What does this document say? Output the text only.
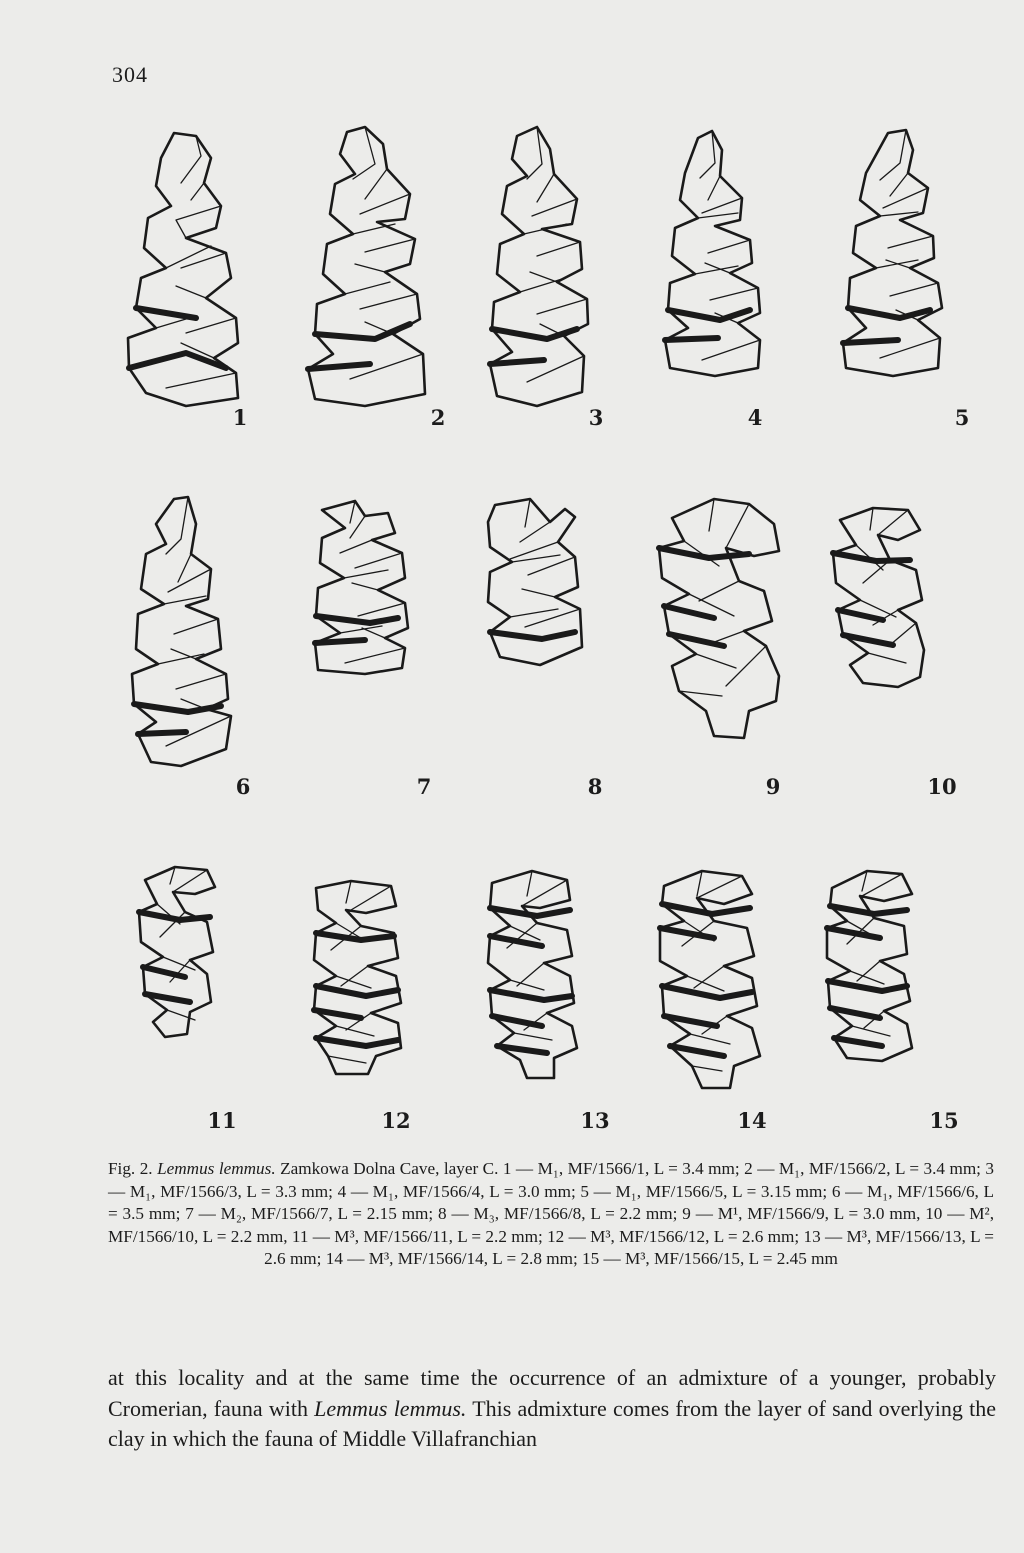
304
1	2	3	4	5
6	7	8	9	10
11	12	13	14	15
Fig. 2. Lemmus lemmus. Zamkowa Dolna Cave, layer C. 1 — M₁, MF/1566/1, L = 3.4 mm; 2 — M₁, MF/1566/2, L = 3.4 mm; 3 — M₁, MF/1566/3, L = 3.3 mm; 4 — M₁, MF/1566/4, L = 3.0 mm; 5 — M₁, MF/1566/5, L = 3.15 mm; 6 — M₁, MF/1566/6, L = 3.5 mm; 7 — M₂, MF/1566/7, L = 2.15 mm; 8 — M₃, MF/1566/8, L = 2.2 mm; 9 — M¹, MF/1566/9, L = 3.0 mm, 10 — M², MF/1566/10, L = 2.2 mm, 11 — M³, MF/1566/11, L = 2.2 mm; 12 — M³, MF/1566/12, L = 2.6 mm; 13 — M³, MF/1566/13, L = 2.6 mm; 14 — M³, MF/1566/14, L = 2.8 mm; 15 — M³, MF/1566/15, L = 2.45 mm
at this locality and at the same time the occurrence of an admixture of a younger, probably Cromerian, fauna with Lemmus lemmus. This admixture comes from the layer of sand overlying the clay in which the fauna of Middle Villafranchian
